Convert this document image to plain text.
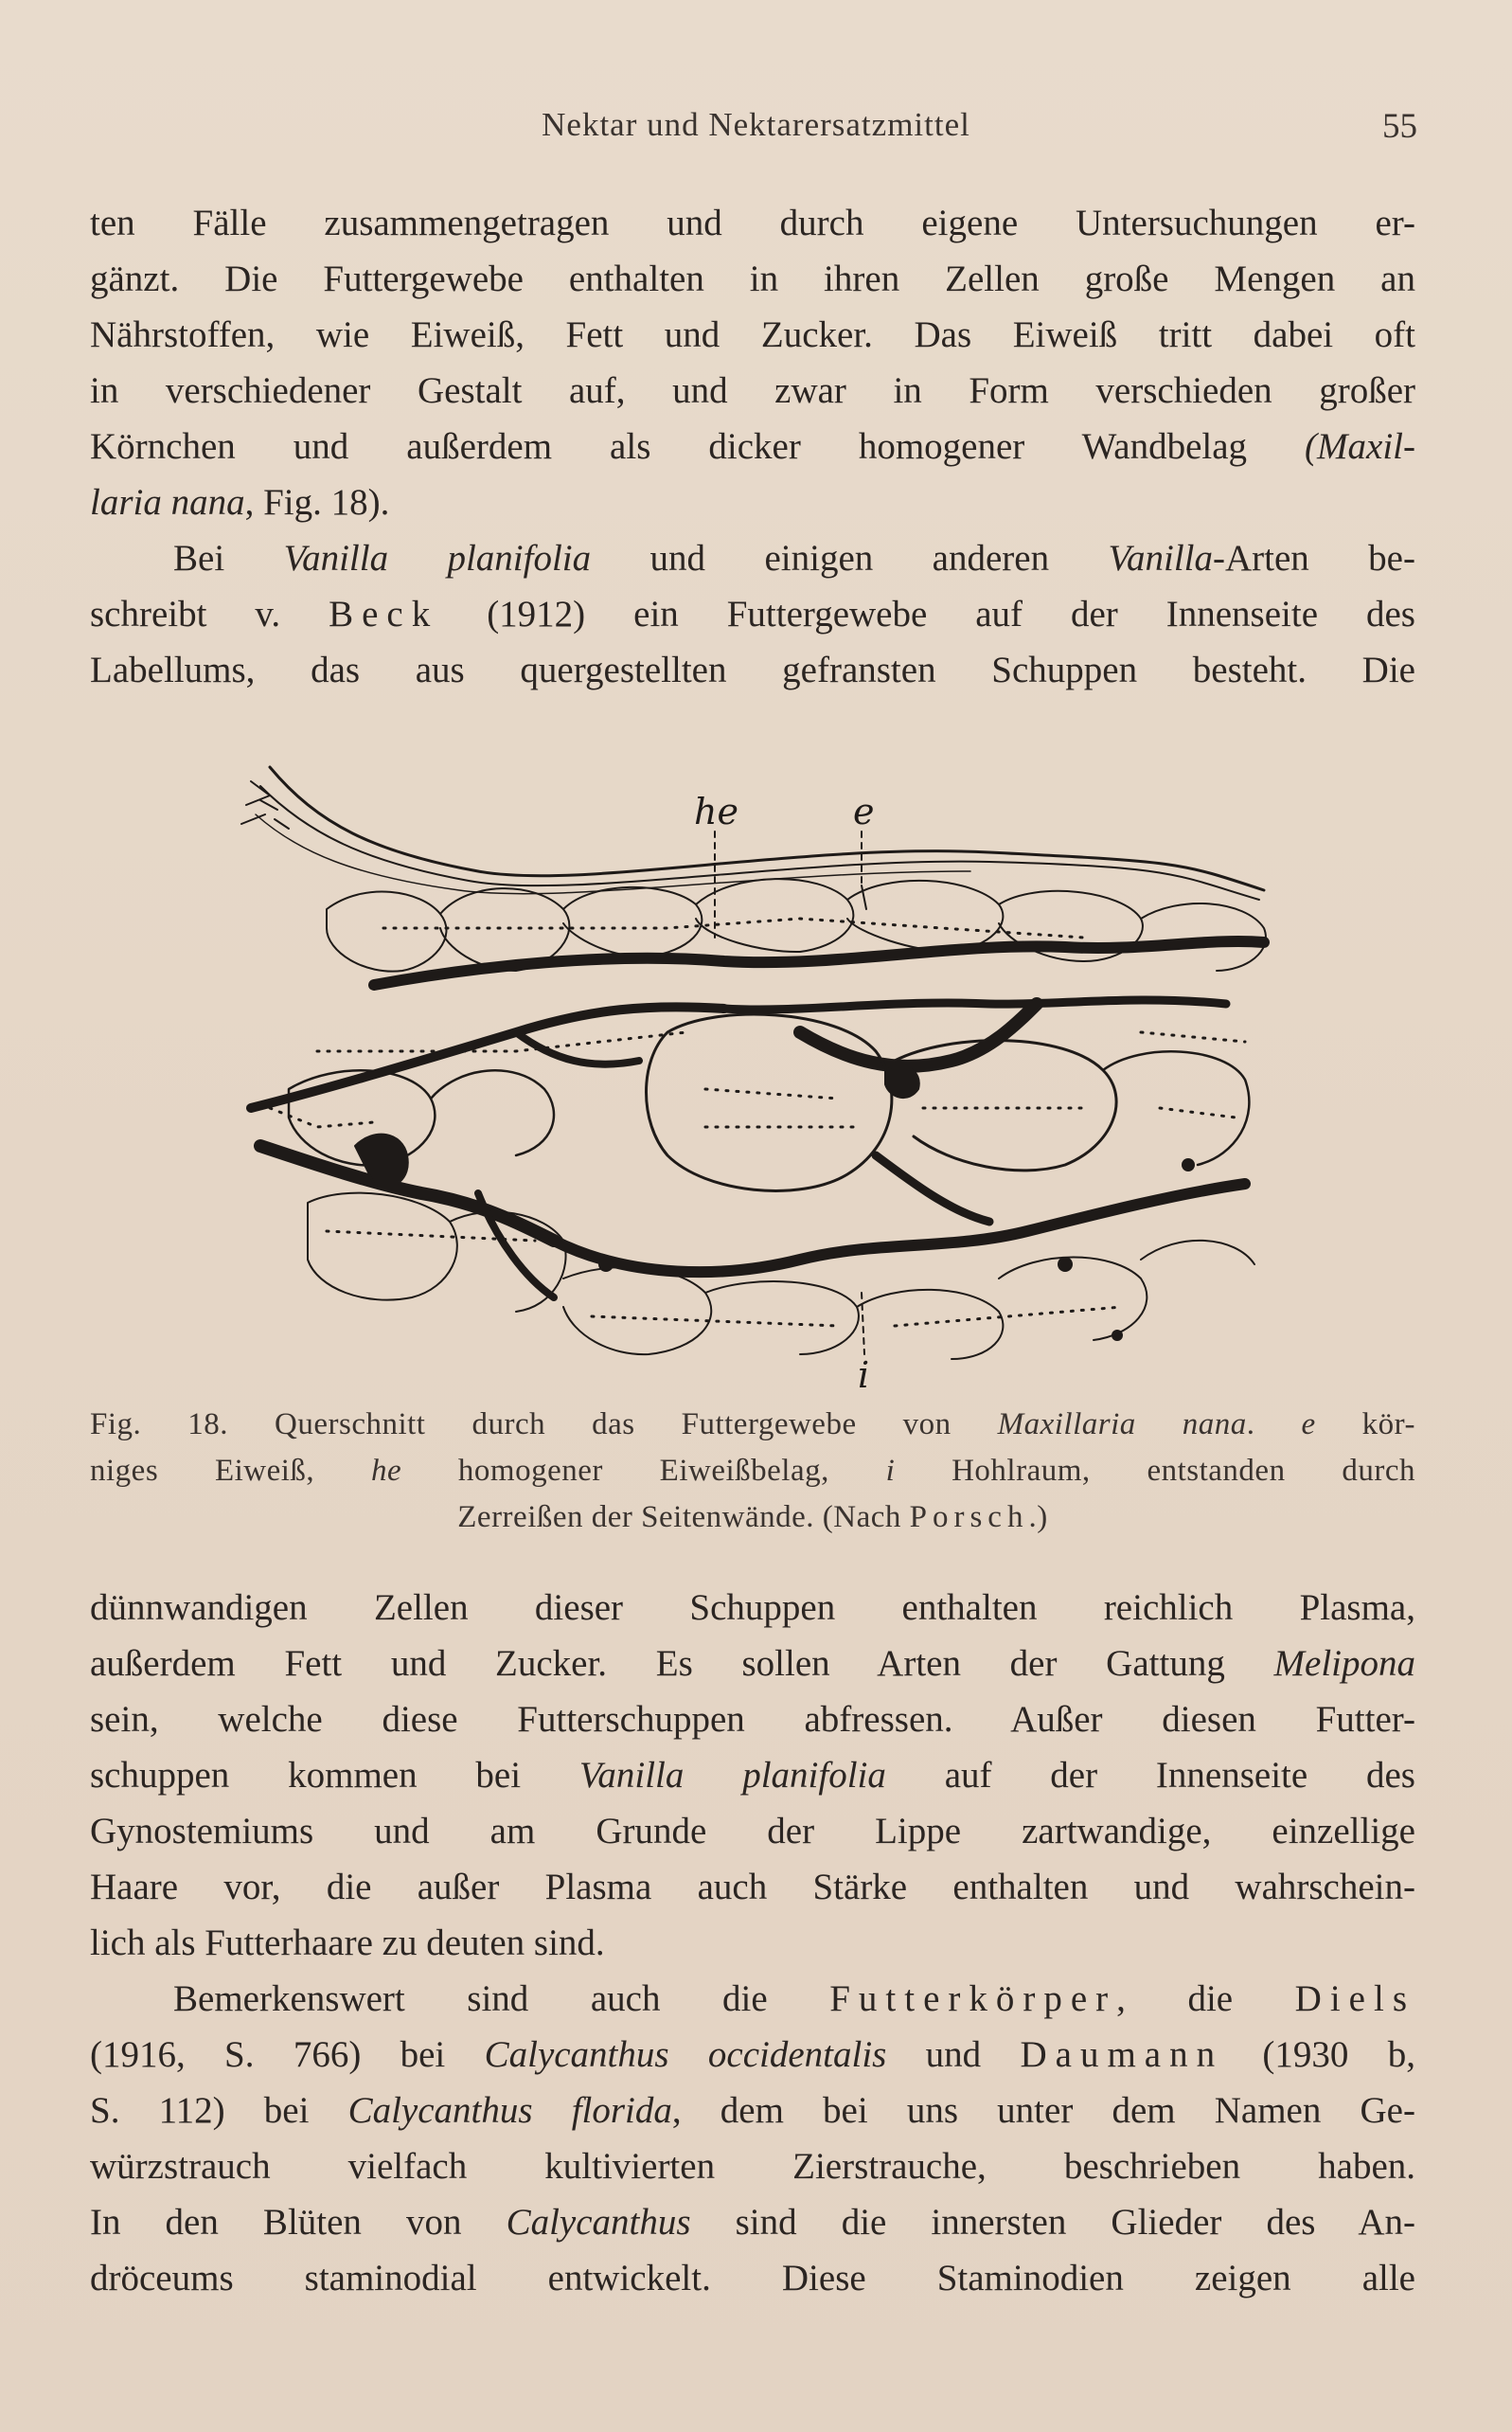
Nektar und Nektarersatzmittel	55
ten Fälle zusammengetragen und durch eigene Untersuchungen er-
gänzt. Die Futtergewebe enthalten in ihren Zellen große Mengen an
Nährstoffen, wie Eiweiß, Fett und Zucker. Das Eiweiß tritt dabei oft
in verschiedener Gestalt auf, und zwar in Form verschieden großer
Körnchen und außerdem als dicker homogener Wandbelag (Maxil-
laria nana, Fig. 18).
Bei Vanilla planifolia und einigen anderen Vanilla-Arten be-
schreibt v. Beck (1912) ein Futtergewebe auf der Innenseite des
Labellums, das aus quergestellten gefransten Schuppen besteht. Die
he	e
i
Fig. 18. Querschnitt durch das Futtergewebe von Maxillaria nana. e kör-
niges Eiweiß, he homogener Eiweißbelag, i Hohlraum, entstanden durch
Zerreißen der Seitenwände. (Nach Porsch.)
dünnwandigen Zellen dieser Schuppen enthalten reichlich Plasma,
außerdem Fett und Zucker. Es sollen Arten der Gattung Melipona
sein, welche diese Futterschuppen abfressen. Außer diesen Futter-
schuppen kommen bei Vanilla planifolia auf der Innenseite des
Gynostemiums und am Grunde der Lippe zartwandige, einzellige
Haare vor, die außer Plasma auch Stärke enthalten und wahrschein-
lich als Futterhaare zu deuten sind.
Bemerkenswert sind auch die Futterkörper, die Diels
(1916, S. 766) bei Calycanthus occidentalis und Daumann (1930 b,
S. 112) bei Calycanthus florida, dem bei uns unter dem Namen Ge-
würzstrauch vielfach kultivierten Zierstrauche, beschrieben haben.
In den Blüten von Calycanthus sind die innersten Glieder des An-
dröceums staminodial entwickelt. Diese Staminodien zeigen alle
